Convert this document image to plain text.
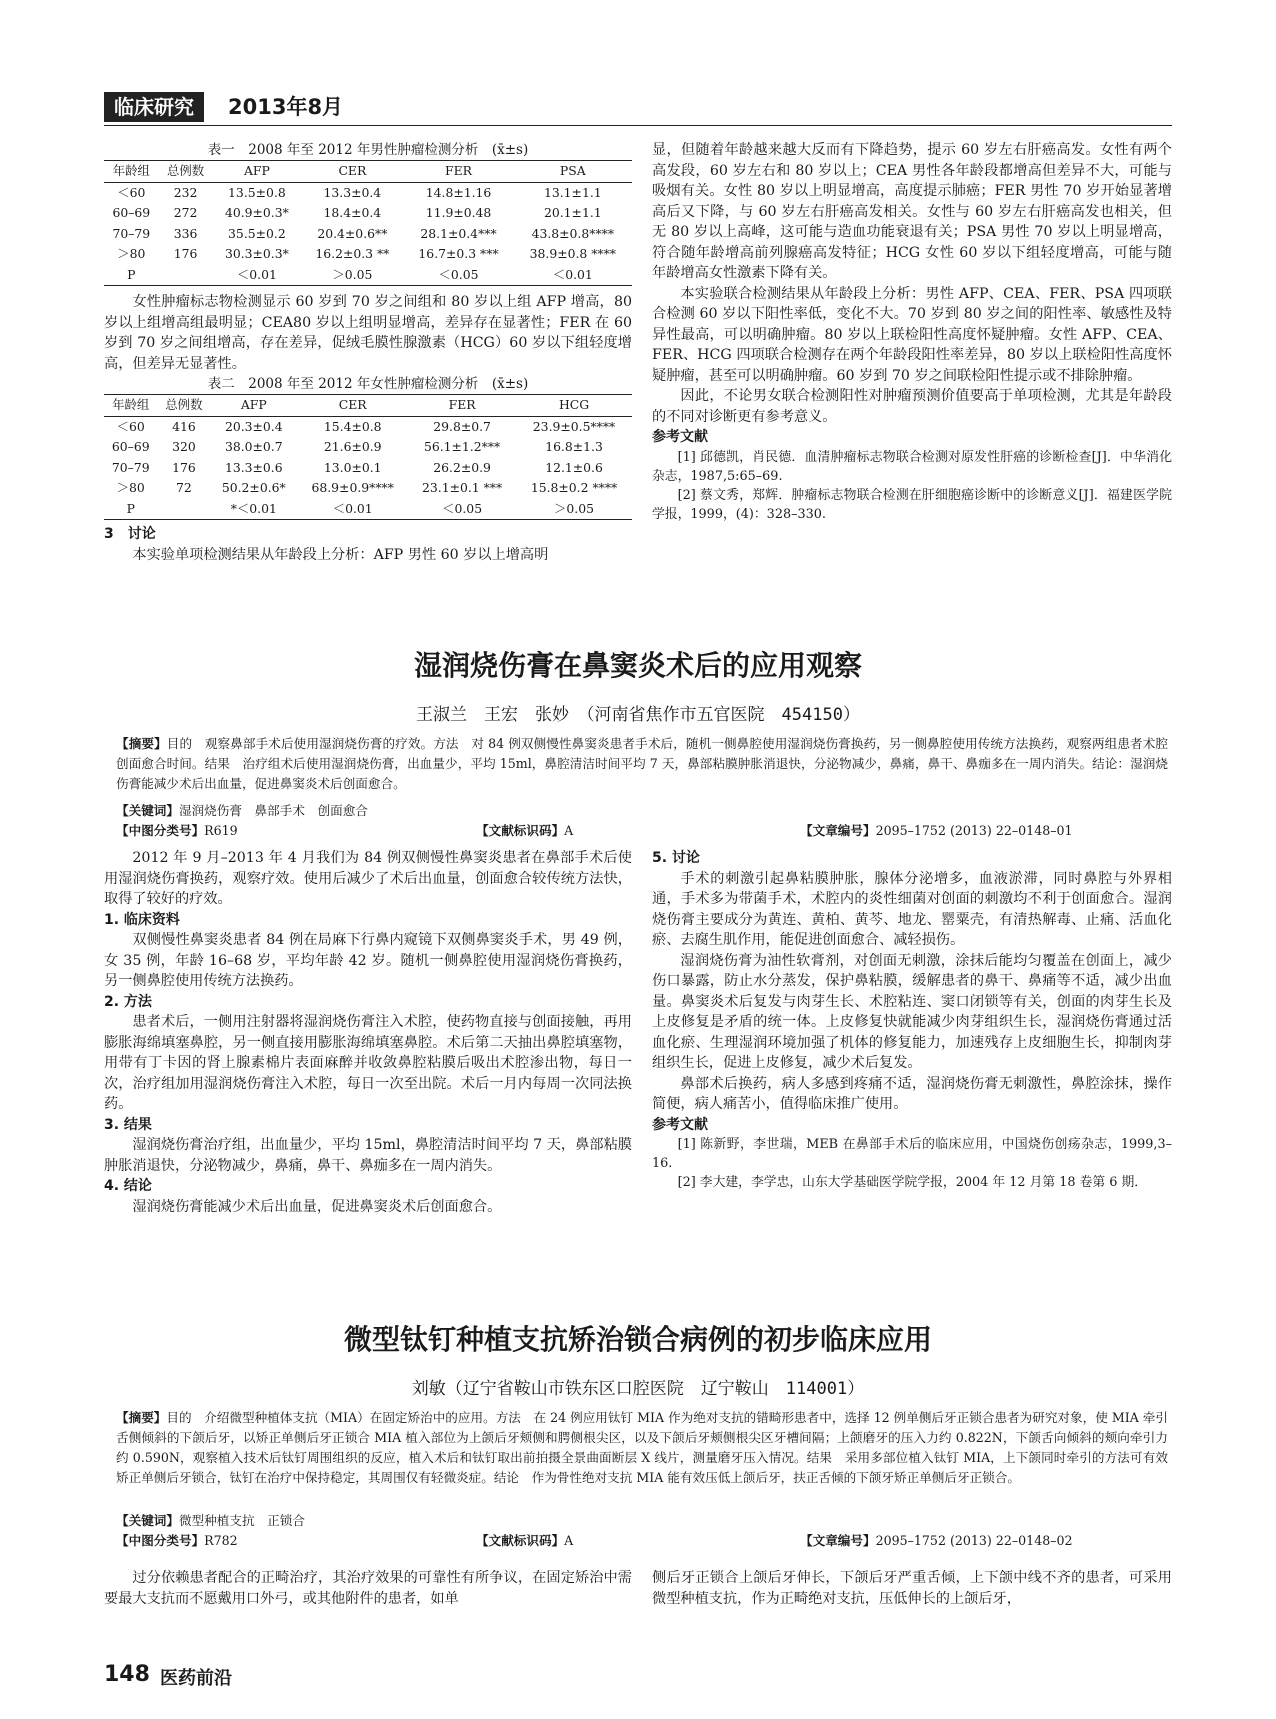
临床研究	2013年8月
表一　2008 年至 2012 年男性肿瘤检测分析　(x̄±s)
年龄组	总例数	AFP	CER	FER	PSA
＜60	232	13.5±0.8	13.3±0.4	14.8±1.16	13.1±1.1
60–69	272	40.9±0.3*	18.4±0.4	11.9±0.48	20.1±1.1
70–79	336	35.5±0.2	20.4±0.6**	28.1±0.4***	43.8±0.8****
＞80	176	30.3±0.3*	16.2±0.3 **	16.7±0.3 ***	38.9±0.8 ****
P		＜0.01	＞0.05	＜0.05	＜0.01

女性肿瘤标志物检测显示 60 岁到 70 岁之间组和 80 岁以上组 AFP 增高，80 岁以上组增高组最明显；CEA80 岁以上组明显增高，差异存在显著性；FER 在 60 岁到 70 岁之间组增高，存在差异，促绒毛膜性腺激素（HCG）60 岁以下组轻度增高，但差异无显著性。

表二　2008 年至 2012 年女性肿瘤检测分析　(x̄±s)
年龄组	总例数	AFP	CER	FER	HCG
＜60	416	20.3±0.4	15.4±0.8	29.8±0.7	23.9±0.5****
60–69	320	38.0±0.7	21.6±0.9	56.1±1.2***	16.8±1.3
70–79	176	13.3±0.6	13.0±0.1	26.2±0.9	12.1±0.6
＞80	72	50.2±0.6*	68.9±0.9****	23.1±0.1 ***	15.8±0.2 ****
P		*＜0.01	＜0.01	＜0.05	＞0.05
3　讨论

本实验单项检测结果从年龄段上分析：AFP 男性 60 岁以上增高明

显，但随着年龄越来越大反而有下降趋势，提示 60 岁左右肝癌高发。女性有两个高发段，60 岁左右和 80 岁以上；CEA 男性各年龄段都增高但差异不大，可能与吸烟有关。女性 80 岁以上明显增高，高度提示肺癌；FER 男性 70 岁开始显著增高后又下降，与 60 岁左右肝癌高发相关。女性与 60 岁左右肝癌高发也相关，但无 80 岁以上高峰，这可能与造血功能衰退有关；PSA 男性 70 岁以上明显增高，符合随年龄增高前列腺癌高发特征；HCG 女性 60 岁以下组轻度增高，可能与随年龄增高女性激素下降有关。

本实验联合检测结果从年龄段上分析：男性 AFP、CEA、FER、PSA 四项联合检测 60 岁以下阳性率低，变化不大。70 岁到 80 岁之间的阳性率、敏感性及特异性最高，可以明确肿瘤。80 岁以上联检阳性高度怀疑肿瘤。女性 AFP、CEA、FER、HCG 四项联合检测存在两个年龄段阳性率差异，80 岁以上联检阳性高度怀疑肿瘤，甚至可以明确肿瘤。60 岁到 70 岁之间联检阳性提示或不排除肿瘤。

因此，不论男女联合检测阳性对肿瘤预测价值要高于单项检测，尤其是年龄段的不同对诊断更有参考意义。

参考文献

[1] 邱德凯，肖民德．血清肿瘤标志物联合检测对原发性肝癌的诊断检查[J]．中华消化杂志，1987,5:65–69.

[2] 蔡文秀，郑辉．肿瘤标志物联合检测在肝细胞癌诊断中的诊断意义[J]．福建医学院学报，1999，(4)：328–330.

湿润烧伤膏在鼻窦炎术后的应用观察
王淑兰　王宏　张妙　（河南省焦作市五官医院　454150）
【摘要】目的　观察鼻部手术后使用湿润烧伤膏的疗效。方法　对 84 例双侧慢性鼻窦炎患者手术后，随机一侧鼻腔使用湿润烧伤膏换药，另一侧鼻腔使用传统方法换药，观察两组患者术腔创面愈合时间。结果　治疗组术后使用湿润烧伤膏，出血量少，平均 15ml，鼻腔清洁时间平均 7 天，鼻部粘膜肿胀消退快，分泌物减少，鼻痛，鼻干、鼻痂多在一周内消失。结论：湿润烧伤膏能减少术后出血量，促进鼻窦炎术后创面愈合。
【关键词】湿润烧伤膏　鼻部手术　创面愈合
【中图分类号】R619	【文献标识码】A	【文章编号】2095–1752 (2013) 22–0148–01

2012 年 9 月–2013 年 4 月我们为 84 例双侧慢性鼻窦炎患者在鼻部手术后使用湿润烧伤膏换药，观察疗效。使用后减少了术后出血量，创面愈合较传统方法快，取得了较好的疗效。

1. 临床资料

双侧慢性鼻窦炎患者 84 例在局麻下行鼻内窥镜下双侧鼻窦炎手术，男 49 例，女 35 例，年龄 16–68 岁，平均年龄 42 岁。随机一侧鼻腔使用湿润烧伤膏换药，另一侧鼻腔使用传统方法换药。

2. 方法

患者术后，一侧用注射器将湿润烧伤膏注入术腔，使药物直接与创面接触，再用膨胀海绵填塞鼻腔，另一侧直接用膨胀海绵填塞鼻腔。术后第二天抽出鼻腔填塞物，用带有丁卡因的肾上腺素棉片表面麻醉并收敛鼻腔粘膜后吸出术腔渗出物，每日一次，治疗组加用湿润烧伤膏注入术腔，每日一次至出院。术后一月内每周一次同法换药。

3. 结果

湿润烧伤膏治疗组，出血量少，平均 15ml，鼻腔清洁时间平均 7 天，鼻部粘膜肿胀消退快，分泌物减少，鼻痛，鼻干、鼻痂多在一周内消失。

4. 结论

湿润烧伤膏能减少术后出血量，促进鼻窦炎术后创面愈合。

5. 讨论

手术的刺激引起鼻粘膜肿胀，腺体分泌增多，血液淤滞，同时鼻腔与外界相通，手术多为带菌手术，术腔内的炎性细菌对创面的刺激均不利于创面愈合。湿润烧伤膏主要成分为黄连、黄柏、黄芩、地龙、罂粟壳，有清热解毒、止痛、活血化瘀、去腐生肌作用，能促进创面愈合、减轻损伤。

湿润烧伤膏为油性软膏剂，对创面无刺激，涂抹后能均匀覆盖在创面上，减少伤口暴露，防止水分蒸发，保护鼻粘膜，缓解患者的鼻干、鼻痛等不适，减少出血量。鼻窦炎术后复发与肉芽生长、术腔粘连、窦口闭锁等有关，创面的肉芽生长及上皮修复是矛盾的统一体。上皮修复快就能减少肉芽组织生长，湿润烧伤膏通过活血化瘀、生理湿润环境加强了机体的修复能力，加速残存上皮细胞生长，抑制肉芽组织生长，促进上皮修复，减少术后复发。

鼻部术后换药，病人多感到疼痛不适，湿润烧伤膏无刺激性，鼻腔涂抹，操作简便，病人痛苦小，值得临床推广使用。

参考文献

[1] 陈新野，李世瑞，MEB 在鼻部手术后的临床应用，中国烧伤创疡杂志，1999,3–16.

[2] 李大建，李学忠，山东大学基础医学院学报，2004 年 12 月第 18 卷第 6 期．

微型钛钉种植支抗矫治锁合病例的初步临床应用
刘敏（辽宁省鞍山市铁东区口腔医院　辽宁鞍山　114001）
【摘要】目的　介绍微型种植体支抗（MIA）在固定矫治中的应用。方法　在 24 例应用钛钉 MIA 作为绝对支抗的错畸形患者中，选择 12 例单侧后牙正锁合患者为研究对象，使 MIA 牵引舌侧倾斜的下颌后牙，以矫正单侧后牙正锁合 MIA 植入部位为上颌后牙颊侧和腭侧根尖区，以及下颌后牙颊侧根尖区牙槽间隔；上颌磨牙的压入力约 0.822N，下颌舌向倾斜的颊向牵引力约 0.590N，观察植入技术后钛钉周围组织的反应，植入术后和钛钉取出前拍摄全景曲面断层 X 线片，测量磨牙压入情况。结果　采用多部位植入钛钉 MIA，上下颌同时牵引的方法可有效矫正单侧后牙锁合，钛钉在治疗中保持稳定，其周围仅有轻微炎症。结论　作为骨性绝对支抗 MIA 能有效压低上颌后牙，扶正舌倾的下颌牙矫正单侧后牙正锁合。
【关键词】微型种植支抗　正锁合
【中图分类号】R782	【文献标识码】A	【文章编号】2095–1752 (2013) 22–0148–02

过分依赖患者配合的正畸治疗，其治疗效果的可靠性有所争议，在固定矫治中需要最大支抗而不愿戴用口外弓，或其他附件的患者，如单

侧后牙正锁合上颌后牙伸长，下颌后牙严重舌倾，上下颌中线不齐的患者，可采用微型种植支抗，作为正畸绝对支抗，压低伸长的上颌后牙，

148 医药前沿
